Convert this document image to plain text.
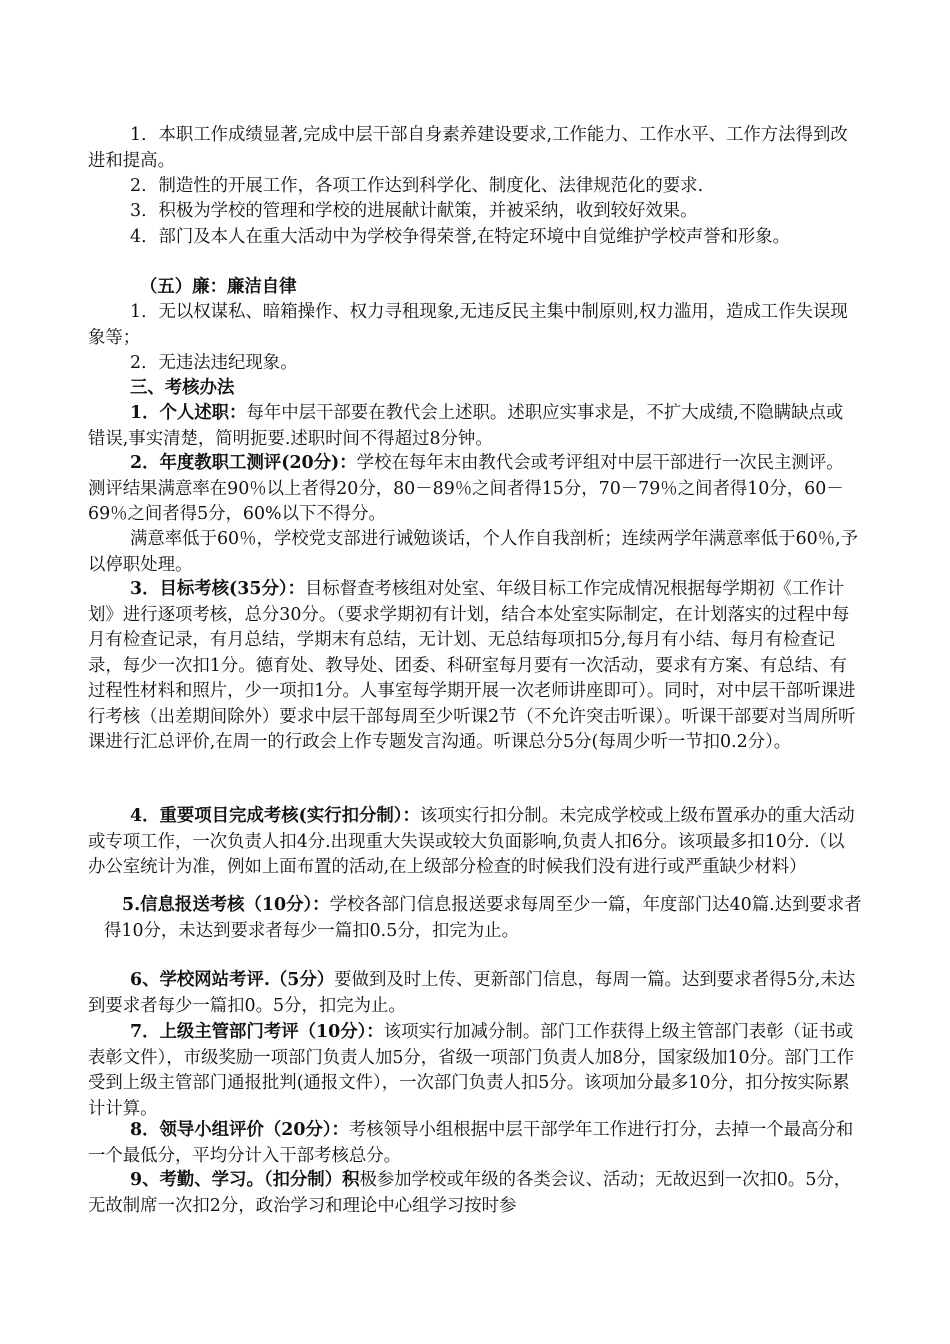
1．本职工作成绩显著,完成中层干部自身素养建设要求,工作能力、工作水平、工作方法得到改进和提高。

2．制造性的开展工作，各项工作达到科学化、制度化、法律规范化的要求.

3．积极为学校的管理和学校的进展献计献策，并被采纳，收到较好效果。

4．部门及本人在重大活动中为学校争得荣誉,在特定环境中自觉维护学校声誉和形象。

（五）廉：廉洁自律

1．无以权谋私、暗箱操作、权力寻租现象,无违反民主集中制原则,权力滥用，造成工作失误现象等；

2．无违法违纪现象。

三、考核办法

1．个人述职：每年中层干部要在教代会上述职。述职应实事求是，不扩大成绩,不隐瞒缺点或错误,事实清楚，简明扼要.述职时间不得超过8分钟。

2．年度教职工测评(20分)：学校在每年末由教代会或考评组对中层干部进行一次民主测评。测评结果满意率在90％以上者得20分，80－89％之间者得15分，70－79％之间者得10分，60－69％之间者得5分，60%以下不得分。

满意率低于60％，学校党支部进行诫勉谈话，个人作自我剖析；连续两学年满意率低于60％,予以停职处理。

3．目标考核(35分）：目标督查考核组对处室、年级目标工作完成情况根据每学期初《工作计划》进行逐项考核，总分30分。（要求学期初有计划，结合本处室实际制定，在计划落实的过程中每月有检查记录，有月总结，学期末有总结，无计划、无总结每项扣5分,每月有小结、每月有检查记录，每少一次扣1分。德育处、教导处、团委、科研室每月要有一次活动，要求有方案、有总结、有过程性材料和照片，少一项扣1分。人事室每学期开展一次老师讲座即可）。同时，对中层干部听课进行考核（出差期间除外）要求中层干部每周至少听课2节（不允许突击听课）。听课干部要对当周所听课进行汇总评价,在周一的行政会上作专题发言沟通。听课总分5分(每周少听一节扣0.2分）。

4．重要项目完成考核(实行扣分制）：该项实行扣分制。未完成学校或上级布置承办的重大活动或专项工作，一次负责人扣4分.出现重大失误或较大负面影响,负责人扣6分。该项最多扣10分.（以办公室统计为准，例如上面布置的活动,在上级部分检查的时候我们没有进行或严重缺少材料）

5.信息报送考核（10分）：学校各部门信息报送要求每周至少一篇，年度部门达40篇.达到要求者得10分，未达到要求者每少一篇扣0.5分，扣完为止。

6、学校网站考评.（5分）要做到及时上传、更新部门信息，每周一篇。达到要求者得5分,未达到要求者每少一篇扣0。5分，扣完为止。

7．上级主管部门考评（10分）：该项实行加减分制。部门工作获得上级主管部门表彰（证书或表彰文件），市级奖励一项部门负责人加5分，省级一项部门负责人加8分，国家级加10分。部门工作受到上级主管部门通报批判(通报文件），一次部门负责人扣5分。该项加分最多10分，扣分按实际累计计算。

8．领导小组评价（20分）：考核领导小组根据中层干部学年工作进行打分，去掉一个最高分和一个最低分，平均分计入干部考核总分。

9、考勤、学习。（扣分制）积极参加学校或年级的各类会议、活动；无故迟到一次扣0。5分，无故制席一次扣2分，政治学习和理论中心组学习按时参
